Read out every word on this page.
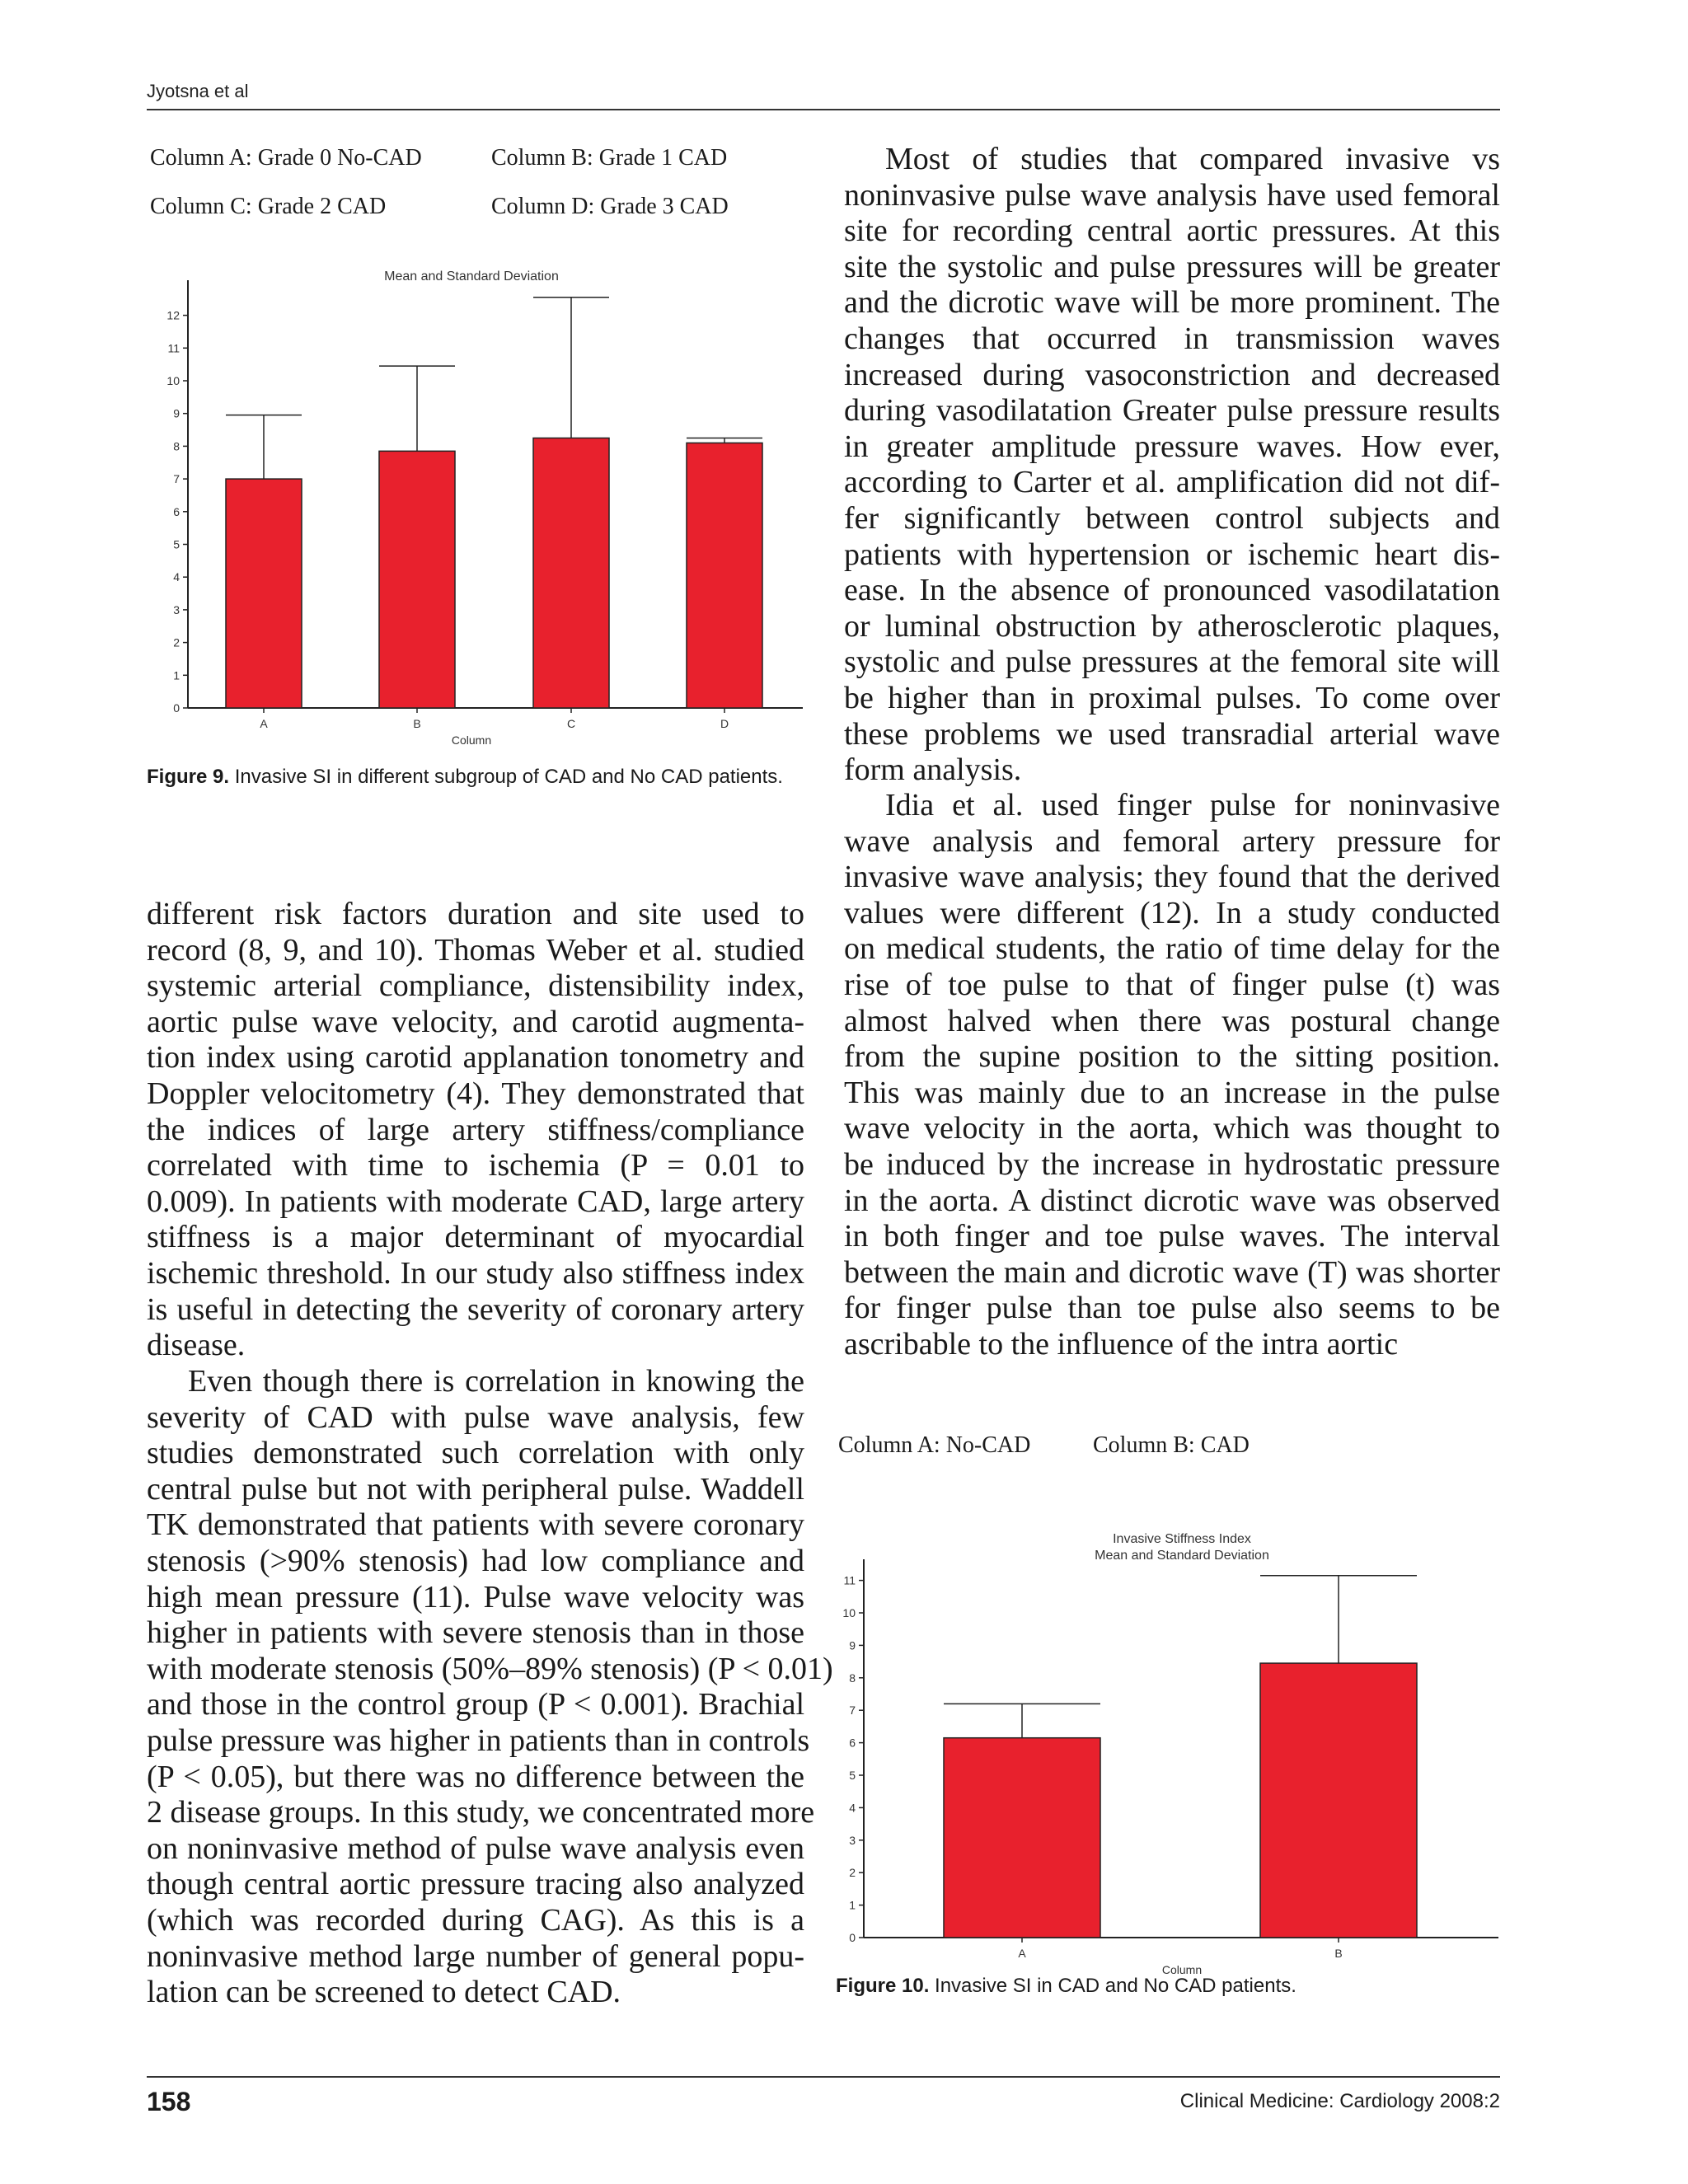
Jyotsna et al
158	Clinical Medicine: Cardiology 2008:2
Column A: Grade 0 No-CAD	Column B: Grade 1 CAD
Column C: Grade 2 CAD	Column D: Grade 3 CAD
0
1
2
3
4
5
6
7
8
9
10
11
12
A	B	C	D
Mean and Standard Deviation
Column
0
1
2
3
4
5
6
7
8
9
10
11
A	B
Invasive Stiffness Index
Mean and Standard Deviation
Column
Figure 9. Invasive SI in different subgroup of CAD and No CAD patients.
Column A: No-CAD	Column B: CAD
Figure 10. Invasive SI in CAD and No CAD patients.
different risk factors duration and site used to
record (8, 9, and 10). Thomas Weber et al. studied
systemic arterial compliance, distensibility index,
aortic pulse wave velocity, and carotid augmenta-
tion index using carotid applanation tonometry and
Doppler velocitometry (4). They demonstrated that
the indices of large artery stiffness/compliance
correlated with time to ischemia (P = 0.01 to
0.009). In patients with moderate CAD, large artery
stiffness is a major determinant of myocardial
ischemic threshold. In our study also stiffness index
is useful in detecting the severity of coronary artery
disease.
Even though there is correlation in knowing the
severity of CAD with pulse wave analysis, few
studies demonstrated such correlation with only
central pulse but not with peripheral pulse. Waddell
TK demonstrated that patients with severe coronary
stenosis (>90% stenosis) had low compliance and
high mean pressure (11). Pulse wave velocity was
higher in patients with severe stenosis than in those
with moderate stenosis (50%–89% stenosis) (P < 0.01)
and those in the control group (P < 0.001). Brachial
pulse pressure was higher in patients than in controls
(P < 0.05), but there was no difference between the
2 disease groups. In this study, we concentrated more
on noninvasive method of pulse wave analysis even
though central aortic pressure tracing also analyzed
(which was recorded during CAG). As this is a
noninvasive method large number of general popu-
lation can be screened to detect CAD.
Most of studies that compared invasive vs
noninvasive pulse wave analysis have used femoral
site for recording central aortic pressures. At this
site the systolic and pulse pressures will be greater
and the dicrotic wave will be more prominent. The
changes that occurred in transmission waves
increased during vasoconstriction and decreased
during vasodilatation Greater pulse pressure results
in greater amplitude pressure waves. How ever,
according to Carter et al. amplification did not dif-
fer significantly between control subjects and
patients with hypertension or ischemic heart dis-
ease. In the absence of pronounced vasodilatation
or luminal obstruction by atherosclerotic plaques,
systolic and pulse pressures at the femoral site will
be higher than in proximal pulses. To come over
these problems we used transradial arterial wave
form analysis.
Idia et al. used finger pulse for noninvasive
wave analysis and femoral artery pressure for
invasive wave analysis; they found that the derived
values were different (12). In a study conducted
on medical students, the ratio of time delay for the
rise of toe pulse to that of finger pulse (t) was
almost halved when there was postural change
from the supine position to the sitting position.
This was mainly due to an increase in the pulse
wave velocity in the aorta, which was thought to
be induced by the increase in hydrostatic pressure
in the aorta. A distinct dicrotic wave was observed
in both finger and toe pulse waves. The interval
between the main and dicrotic wave (T) was shorter
for finger pulse than toe pulse also seems to be
ascribable to the influence of the intra aortic
